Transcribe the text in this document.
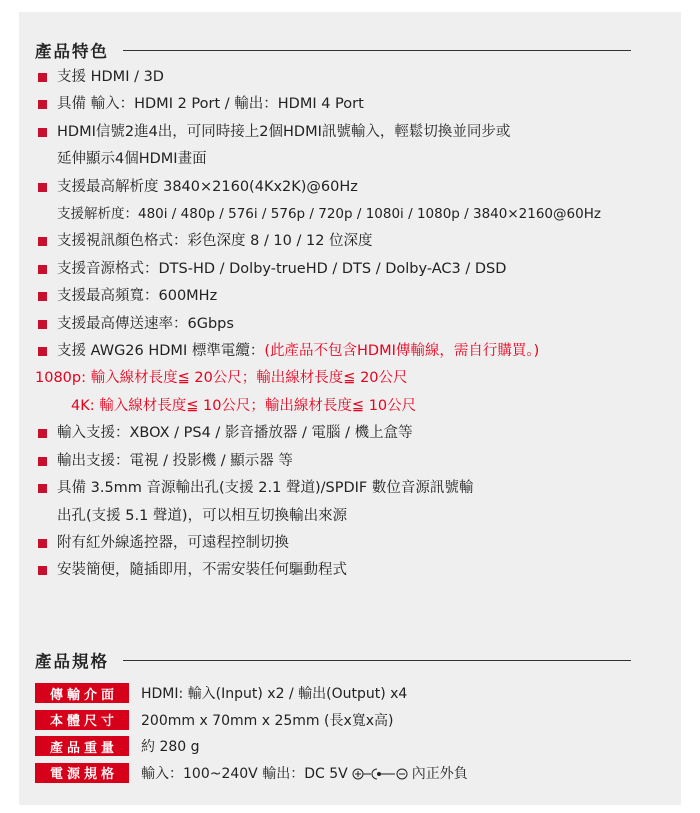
產品特色
支援 HDMI / 3D
具備 輸入：HDMI 2 Port / 輸出：HDMI 4 Port
HDMI信號2進4出，可同時接上2個HDMI訊號輸入，輕鬆切換並同步或
延伸顯示4個HDMI畫面
支援最高解析度 3840×2160(4Kx2K)@60Hz
支援解析度：480i / 480p / 576i / 576p / 720p / 1080i / 1080p / 3840×2160@60Hz
支援視訊顏色格式：彩色深度 8 / 10 / 12 位深度
支援音源格式：DTS-HD / Dolby-trueHD / DTS / Dolby-AC3 / DSD
支援最高頻寬：600MHz
支援最高傳送速率：6Gbps
支援 AWG26 HDMI 標準電纜：(此產品不包含HDMI傳輸線，需自行購買。)
1080p: 輸入線材長度≦ 20公尺；輸出線材長度≦ 20公尺
4K: 輸入線材長度≦ 10公尺；輸出線材長度≦ 10公尺
輸入支援：XBOX / PS4 / 影音播放器 / 電腦 / 機上盒等
輸出支援：電視 / 投影機 / 顯示器 等
具備 3.5mm 音源輸出孔(支援 2.1 聲道)/SPDIF 數位音源訊號輸
出孔(支援 5.1 聲道)，可以相互切換輸出來源
附有紅外線遙控器，可遠程控制切換
安裝簡便，隨插即用，不需安裝任何驅動程式
產品規格
傳輸介面	HDMI: 輸入(Input) x2 / 輸出(Output) x4
本體尺寸	200mm x 70mm x 25mm (長x寬x高)
產品重量	約 280 g
電源規格	輸入：100~240V 輸出：DC 5V	內正外負
